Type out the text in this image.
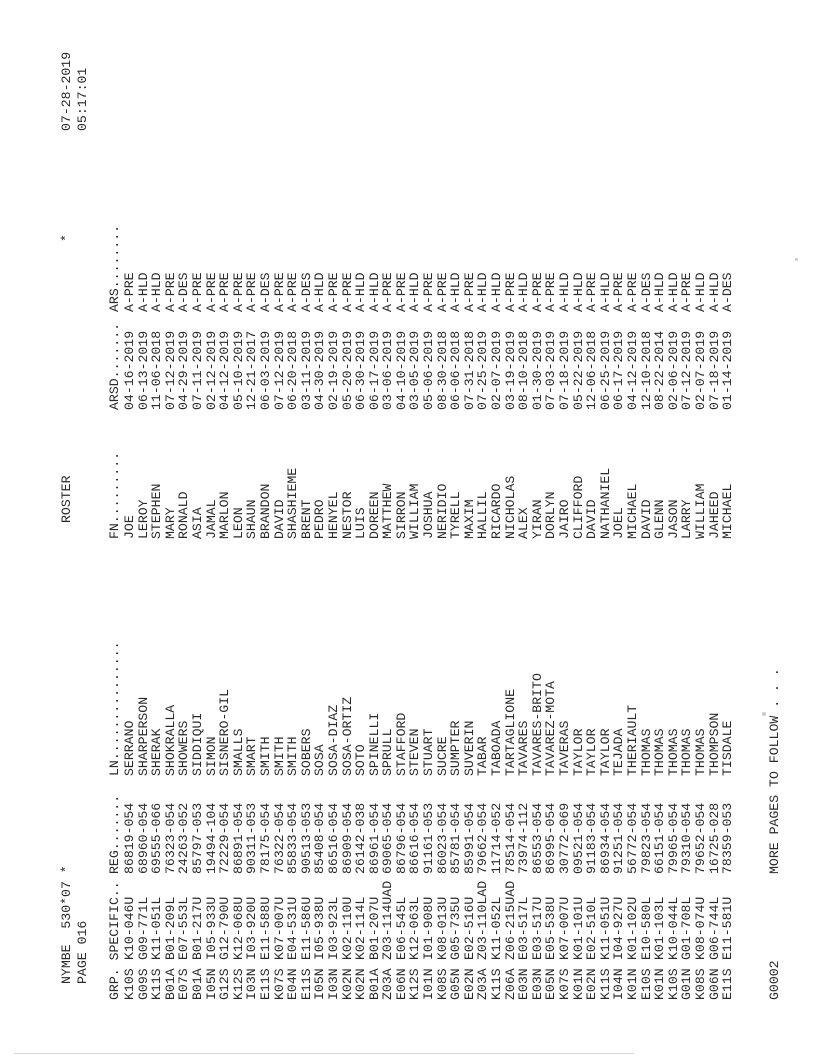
NYMBE  530*07 *
ROSTER
*
07-28-2019
PAGE 016
05:17:01
GRP. SPECIFIC..
REG.......
LN...............
FN.........
ARSD.......
ARS........
K10S
K10-046U
86819-054
SERRANO
JOE
04-16-2019
A-PRE
G09S
G09-771L
68960-054
SHARPERSON
LEROY
06-13-2019
A-HLD
K11S
K11-051L
69555-066
SHERAK
STEPHEN
11-06-2018
A-HLD
B01A
B01-209L
76323-054
SHOKRALLA
MARY
07-12-2019
A-PRE
E07S
E07-553L
24263-052
SHOWERS
RONALD
04-29-2019
A-DES
B01A
B01-217U
85797-053
SIDDIQUI
ASIA
07-11-2019
A-PRE
I05N
I05-933U
19494-104
SIMON
JAMAL
02-12-2019
A-PRE
G12S
G12-790U
72229-054
SISNERO-GIL
MARLON
04-12-2019
A-PRE
K12S
K12-068U
86891-054
SMALLS
LEON
05-10-2019
A-PRE
I03N
I03-920U
90311-053
SMART
SHAUN
12-21-2017
A-PRE
E11S
E11-588U
78175-054
SMITH
BRANDON
06-03-2019
A-DES
K07S
K07-007U
76322-054
SMITH
DAVID
07-12-2019
A-PRE
E04N
E04-531U
85833-054
SMITH
SHASHIEME
06-20-2018
A-PRE
E11S
E11-586U
90513-053
SOBERS
BRENT
03-11-2019
A-DES
I05N
I05-938U
85408-054
SOSA
PEDRO
04-30-2019
A-HLD
I03N
I03-923L
86516-054
SOSA-DIAZ
HENYEL
02-19-2019
A-PRE
K02N
K02-110U
86909-054
SOSA-ORTIZ
NESTOR
05-20-2019
A-PRE
K02N
K02-114L
26142-038
SOTO
LUIS
06-30-2019
A-HLD
B01A
B01-207U
86961-054
SPINELLI
DOREEN
06-17-2019
A-HLD
Z03A
Z03-114UAD
69065-054
SPRULL
MATTHEW
03-06-2019
A-PRE
E06N
E06-545L
86796-054
STAFFORD
SIRRON
04-10-2019
A-PRE
K12S
K12-063L
86616-054
STEVEN
WILLIAM
03-05-2019
A-HLD
I01N
I01-908U
91161-053
STUART
JOSHUA
05-06-2019
A-PRE
K08S
K08-013U
86023-054
SUCRE
NERIDIO
08-30-2018
A-PRE
G05N
G05-735U
85781-054
SUMPTER
TYRELL
06-06-2018
A-HLD
E02N
E02-516U
85991-054
SUVERIN
MAXIM
07-31-2018
A-PRE
Z03A
Z03-110LAD
79662-054
TABAR
HALLIL
07-25-2019
A-HLD
K11S
K11-052L
11714-052
TABOADA
RICARDO
02-07-2019
A-HLD
Z06A
Z06-215UAD
78514-054
TARTAGLIONE
NICHOLAS
03-19-2019
A-PRE
E03N
E03-517L
73974-112
TAVARES
ALEX
08-10-2018
A-HLD
E03N
E03-517U
86553-054
TAVARES-BRITO
YIRAN
01-30-2019
A-PRE
E05N
E05-538U
86995-054
TAVAREZ-MOTA
DORLYN
07-03-2019
A-PRE
K07S
K07-007U
30772-069
TAVERAS
JAIRO
07-18-2019
A-HLD
K01N
K01-101U
09521-054
TAYLOR
CLIFFORD
05-22-2019
A-HLD
E02N
E02-510L
91183-054
TAYLOR
DAVID
12-06-2018
A-PRE
K11S
K11-051U
86934-054
TAYLOR
NATHANIEL
06-25-2019
A-HLD
I04N
I04-927U
91251-054
TEJADA
JOEL
06-17-2019
A-PRE
K01N
K01-102U
56772-054
THERIAULT
MICHAEL
04-12-2019
A-PRE
E10S
E10-580L
79823-054
THOMAS
DAVID
12-10-2018
A-DES
K01N
K01-103L
66151-054
THOMAS
GLENN
08-22-2014
A-HLD
K10S
K10-044L
79965-054
THOMAS
JASON
02-06-2019
A-HLD
G01N
G01-708L
79310-054
THOMAS
LARRY
07-12-2019
A-PRE
K08S
K08-074U
79652-054
THOMAS
WILLIAM
02-07-2019
A-HLD
G06N
G06-744L
16725-028
THOMPSON
JAHEED
07-18-2019
A-HLD
E11S
E11-581U
78359-053
TISDALE
MICHAEL
01-14-2019
A-DES
G0002
MORE PAGES TO FOLLOW . . .
